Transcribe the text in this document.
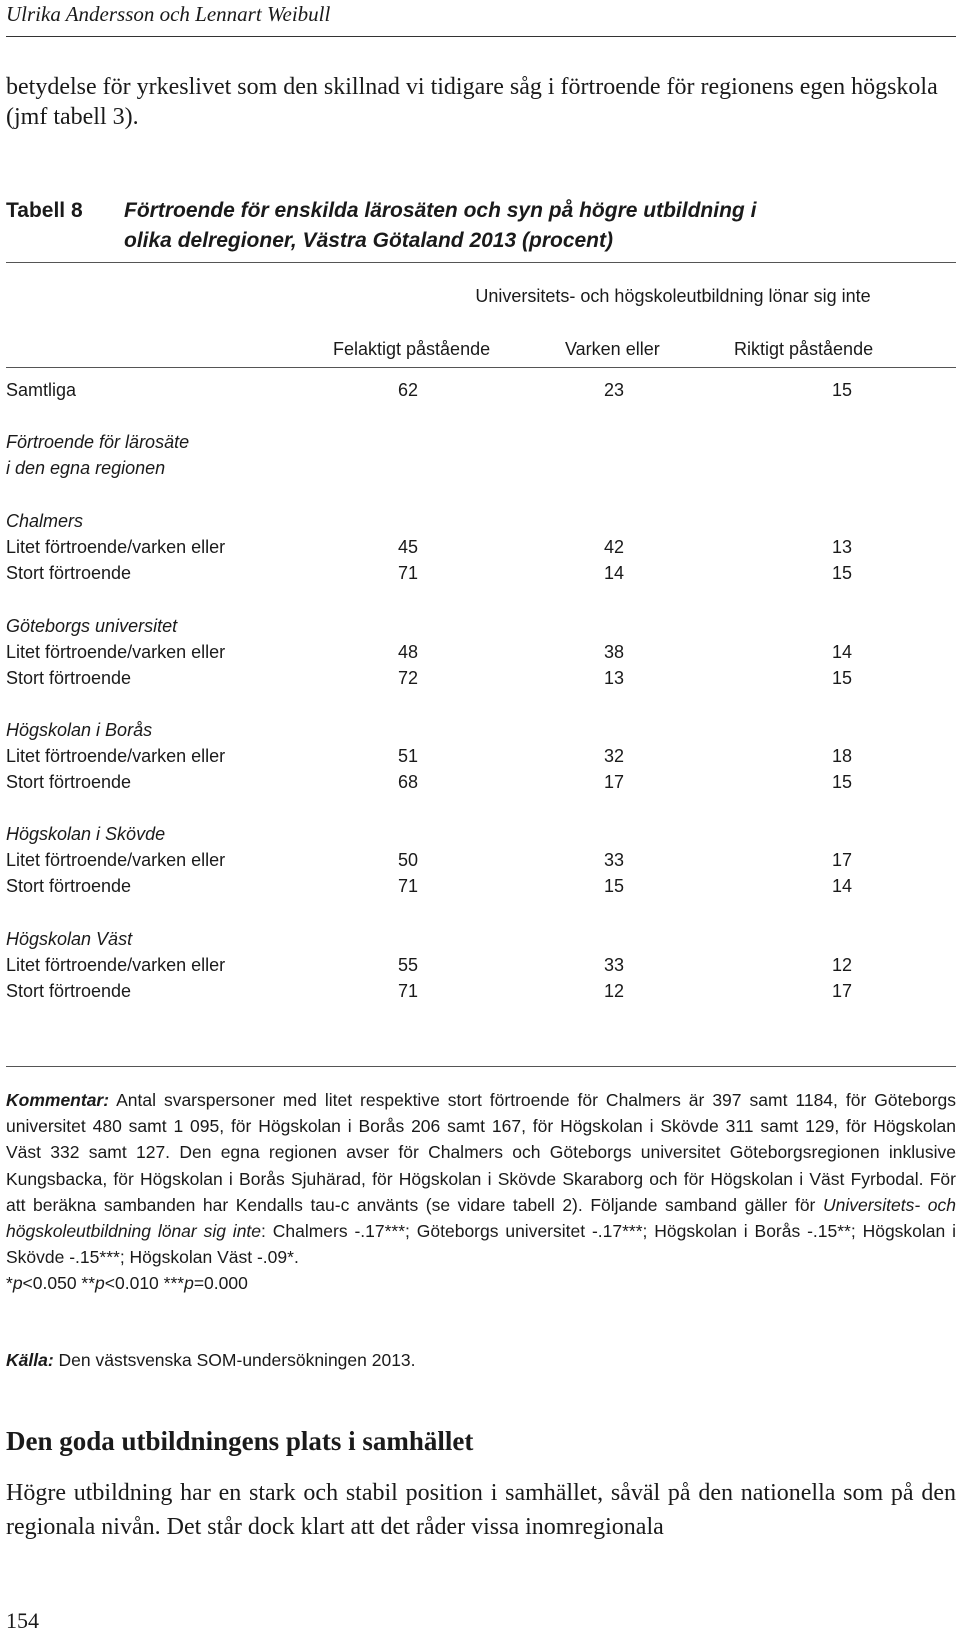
Ulrika Andersson och Lennart Weibull
betydelse för yrkeslivet som den skillnad vi tidigare såg i förtroende för regionens egen högskola (jmf tabell 3).
Tabell 8 Förtroende för enskilda lärosäten och syn på högre utbildning i
olika delregioner, Västra Götaland 2013 (procent)
Universitets- och högskoleutbildning lönar sig inte
Felaktigt påstående	Varken eller	Riktigt påstående
Samtliga	62	23	15
Förtroende för lärosäte
i den egna regionen
Chalmers
Litet förtroende/varken eller	45	42	13
Stort förtroende	71	14	15
Göteborgs universitet
Litet förtroende/varken eller	48	38	14
Stort förtroende	72	13	15
Högskolan i Borås
Litet förtroende/varken eller	51	32	18
Stort förtroende	68	17	15
Högskolan i Skövde
Litet förtroende/varken eller	50	33	17
Stort förtroende	71	15	14
Högskolan Väst
Litet förtroende/varken eller	55	33	12
Stort förtroende	71	12	17

Kommentar: Antal svarspersoner med litet respektive stort förtroende för Chalmers är 397 samt 1184, för Göteborgs universitet 480 samt 1 095, för Högskolan i Borås 206 samt 167, för Högskolan i Skövde 311 samt 129, för Högskolan Väst 332 samt 127. Den egna regionen avser för Chalmers och Göteborgs universitet Göteborgsregionen inklusive Kungsbacka, för Högskolan i Borås Sjuhärad, för Högskolan i Skövde Skaraborg och för Högskolan i Väst Fyrbodal. För att beräkna sambanden har Kendalls tau-c använts (se vidare tabell 2). Följande samband gäller för Universitets- och högskoleutbildning lönar sig inte: Chalmers -.17***; Göteborgs universitet -.17***; Högskolan i Borås -.15**; Högskolan i Skövde -.15***; Högskolan Väst -.09*.

*p<0.050 **p<0.010 ***p=0.000

Källa: Den västsvenska SOM-undersökningen 2013.
Den goda utbildningens plats i samhället
Högre utbildning har en stark och stabil position i samhället, såväl på den nationella som på den regionala nivån. Det står dock klart att det råder vissa inomregionala
154
